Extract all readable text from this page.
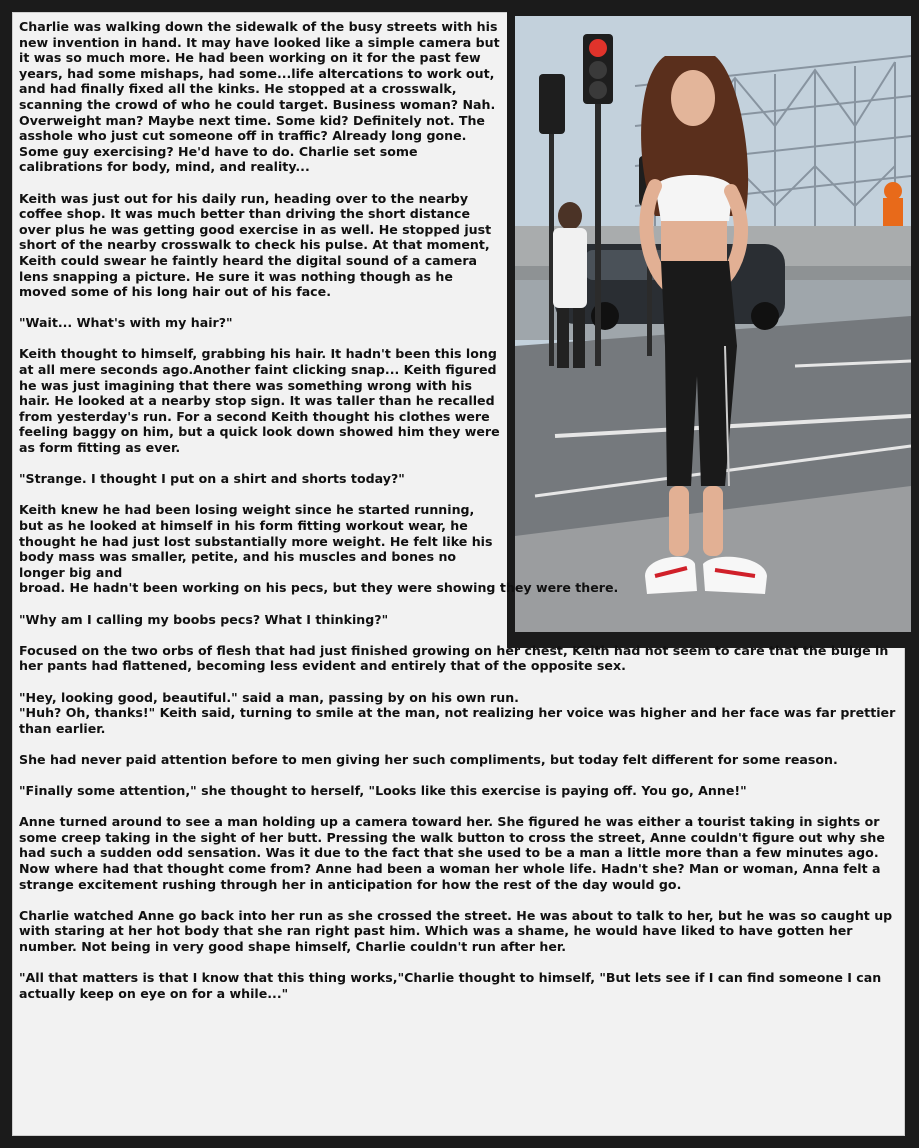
Charlie was walking down the sidewalk of the busy streets with his new invention in hand. It may have looked like a simple camera but it was so much more. He had been working on it for the past few years, had some mishaps, had some...life altercations to work out, and had finally fixed all the kinks. He stopped at a crosswalk, scanning the crowd of who he could target. Business woman? Nah. Overweight man? Maybe next time. Some kid? Definitely not. The asshole who just cut someone off in traffic? Already long gone. Some guy exercising? He'd have to do. Charlie set some calibrations for body, mind, and reality...

Keith was just out for his daily run, heading over to the nearby coffee shop. It was much better than driving the short distance over plus he was getting good exercise in as well. He stopped just short of the nearby crosswalk to check his pulse. At that moment, Keith could swear he faintly heard the digital sound of a camera lens snapping a picture. He sure it was nothing though as he moved some of his long hair out of his face.

"Wait... What's with my hair?"

Keith thought to himself, grabbing his hair. It hadn't been this long at all mere seconds ago.Another faint clicking snap... Keith figured he was just imagining that there was something wrong with his hair. He looked at a nearby stop sign. It was taller than he recalled from yesterday's run. For a second Keith thought his clothes were feeling baggy on him, but a quick look down showed him they were as form fitting as ever.

"Strange. I thought I put on a shirt and shorts today?"

Keith knew he had been losing weight since he started running, but as he looked at himself in his form fitting workout wear, he thought he had just lost substantially more weight. He felt like his body mass was smaller, petite, and his muscles and bones no longer big and

broad. He hadn't been working on his pecs, but they were showing they were there.

"Why am I calling my boobs pecs? What I thinking?"

Focused on the two orbs of flesh that had just finished growing on her chest, Keith had not seem to care that the bulge in her pants had flattened, becoming less evident and entirely that of the opposite sex.

"Hey, looking good, beautiful." said a man, passing by on his own run.

"Huh? Oh, thanks!" Keith said, turning to smile at the man, not realizing her voice was higher and her face was far prettier than earlier.

She had never paid attention before to men giving her such compliments, but today felt different for some reason.

"Finally some attention," she thought to herself, "Looks like this exercise is paying off. You go, Anne!"

Anne turned around to see a man holding up a camera toward her. She figured he was either a tourist taking in sights or some creep taking in the sight of her butt. Pressing the walk button to cross the street, Anne couldn't figure out why she had such a sudden odd sensation. Was it due to the fact that she used to be a man a little more than a few minutes ago. Now where had that thought come from? Anne had been a woman her whole life. Hadn't she? Man or woman, Anna felt a strange excitement rushing through her in anticipation for how the rest of the day would go.

Charlie watched Anne go back into her run as she crossed the street. He was about to talk to her, but he was so caught up with staring at her hot body that she ran right past him. Which was a shame, he would have liked to have gotten her number. Not being in very good shape himself, Charlie couldn't run after her.

"All that matters is that I know that this thing works,"Charlie thought to himself, "But lets see if I can find someone I can actually keep on eye on for a while..."
